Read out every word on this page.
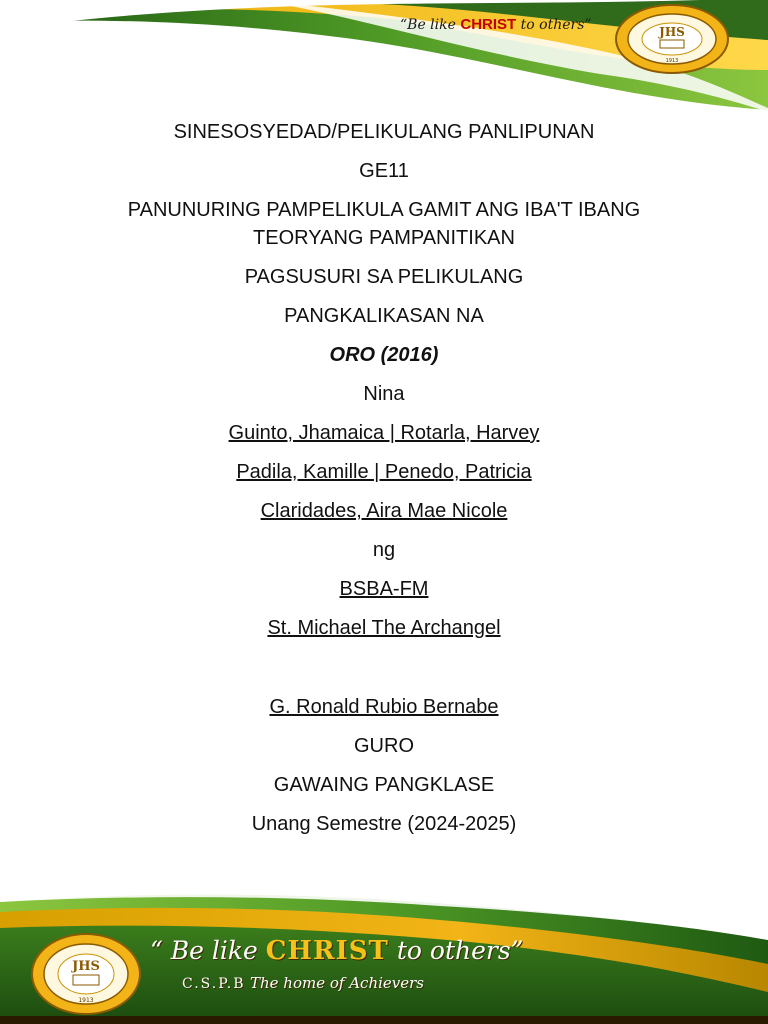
“Be like CHRIST to others”	JHS
1913

SINESOSYEDAD/PELIKULANG PANLIPUNAN

GE11

PANUNURING PAMPELIKULA GAMIT ANG IBA'T IBANG
TEORYANG PAMPANITIKAN

PAGSUSURI SA PELIKULANG

PANGKALIKASAN NA

ORO (2016)

Nina

Guinto, Jhamaica | Rotarla, Harvey

Padila, Kamille | Penedo, Patricia

Claridades, Aira Mae Nicole

ng

BSBA-FM

St. Michael The Archangel

G. Ronald Rubio Bernabe

GURO

GAWAING PANGKLASE

Unang Semestre (2024-2025)

JHS
1913
“ Be like CHRIST to others”
C.S.P.B The home of Achievers
